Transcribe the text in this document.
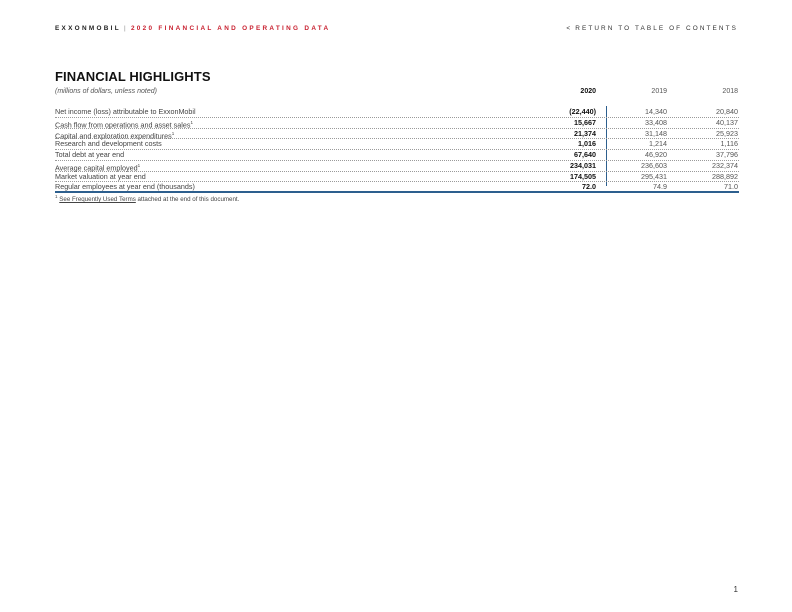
EXXONMOBIL | 2020 FINANCIAL AND OPERATING DATA	< RETURN TO TABLE OF CONTENTS
FINANCIAL HIGHLIGHTS
(millions of dollars, unless noted)	2020	2019	2018
Net income (loss) attributable to ExxonMobil	(22,440)	14,340	20,840
Cash flow from operations and asset sales$^1$	15,667	33,408	40,137
Capital and exploration expenditures$^1$	21,374	31,148	25,923
Research and development costs	1,016	1,214	1,116
Total debt at year end	67,640	46,920	37,796
Average capital employed$^1$	234,031	236,603	232,374
Market valuation at year end	174,505	295,431	288,892
Regular employees at year end (thousands)	72.0	74.9	71.0
$^1$ See Frequently Used Terms attached at the end of this document.
1
